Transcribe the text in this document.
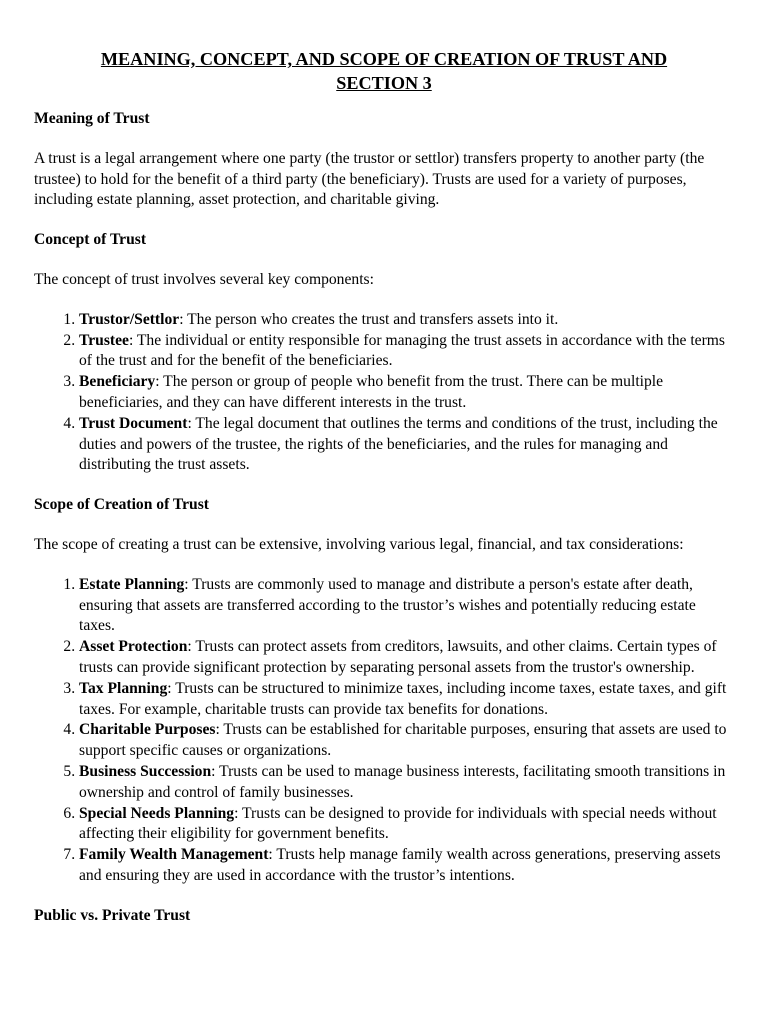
MEANING, CONCEPT, AND SCOPE OF CREATION OF TRUST AND SECTION 3
Meaning of Trust
A trust is a legal arrangement where one party (the trustor or settlor) transfers property to another party (the trustee) to hold for the benefit of a third party (the beneficiary). Trusts are used for a variety of purposes, including estate planning, asset protection, and charitable giving.
Concept of Trust
The concept of trust involves several key components:
1. Trustor/Settlor: The person who creates the trust and transfers assets into it.
2. Trustee: The individual or entity responsible for managing the trust assets in accordance with the terms of the trust and for the benefit of the beneficiaries.
3. Beneficiary: The person or group of people who benefit from the trust. There can be multiple beneficiaries, and they can have different interests in the trust.
4. Trust Document: The legal document that outlines the terms and conditions of the trust, including the duties and powers of the trustee, the rights of the beneficiaries, and the rules for managing and distributing the trust assets.
Scope of Creation of Trust
The scope of creating a trust can be extensive, involving various legal, financial, and tax considerations:
1. Estate Planning: Trusts are commonly used to manage and distribute a person's estate after death, ensuring that assets are transferred according to the trustor’s wishes and potentially reducing estate taxes.
2. Asset Protection: Trusts can protect assets from creditors, lawsuits, and other claims. Certain types of trusts can provide significant protection by separating personal assets from the trustor's ownership.
3. Tax Planning: Trusts can be structured to minimize taxes, including income taxes, estate taxes, and gift taxes. For example, charitable trusts can provide tax benefits for donations.
4. Charitable Purposes: Trusts can be established for charitable purposes, ensuring that assets are used to support specific causes or organizations.
5. Business Succession: Trusts can be used to manage business interests, facilitating smooth transitions in ownership and control of family businesses.
6. Special Needs Planning: Trusts can be designed to provide for individuals with special needs without affecting their eligibility for government benefits.
7. Family Wealth Management: Trusts help manage family wealth across generations, preserving assets and ensuring they are used in accordance with the trustor’s intentions.
Public vs. Private Trust
